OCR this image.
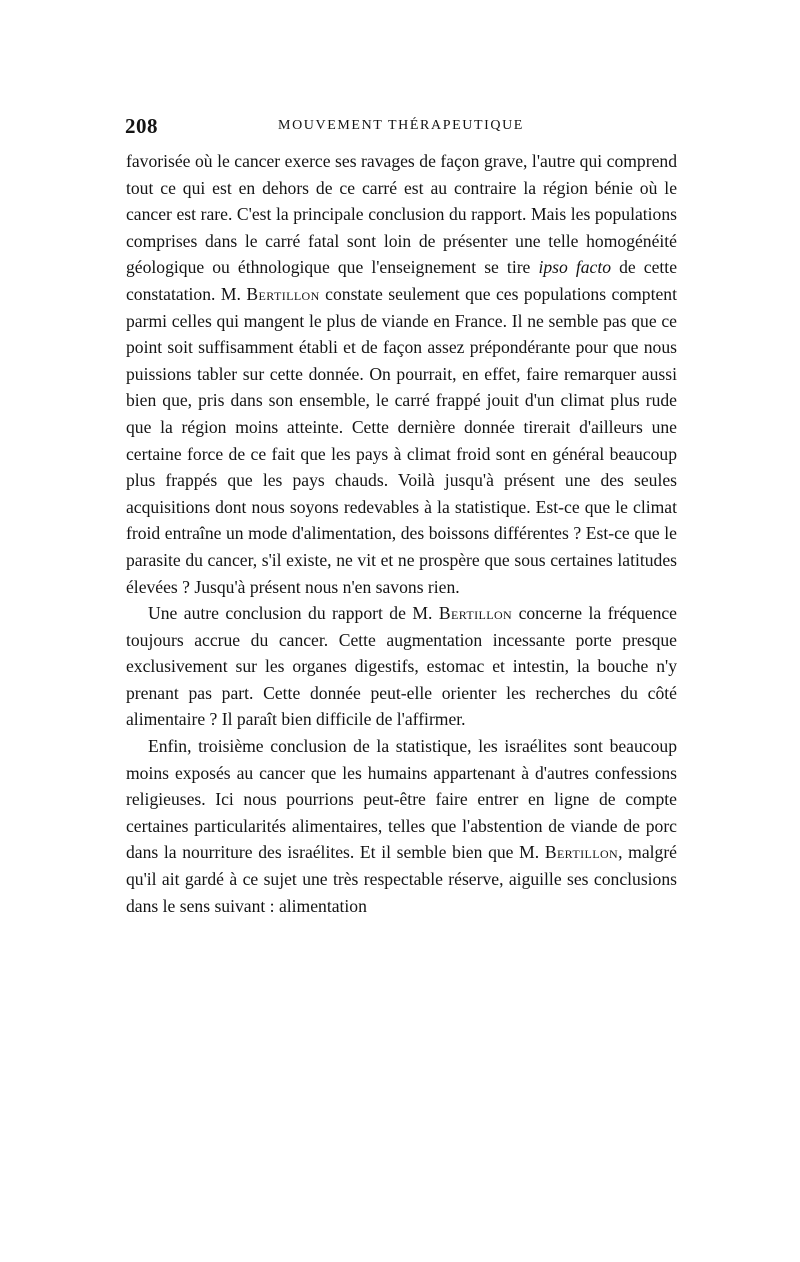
208	MOUVEMENT THÉRAPEUTIQUE

favorisée où le cancer exerce ses ravages de façon grave, l'autre qui comprend tout ce qui est en dehors de ce carré est au contraire la région bénie où le cancer est rare. C'est la principale conclusion du rapport. Mais les populations comprises dans le carré fatal sont loin de présenter une telle homogénéité géologique ou éthnologique que l'enseignement se tire ipso facto de cette constatation. M. Bertillon constate seulement que ces populations comptent parmi celles qui mangent le plus de viande en France. Il ne semble pas que ce point soit suffisamment établi et de façon assez prépondérante pour que nous puissions tabler sur cette donnée. On pourrait, en effet, faire remarquer aussi bien que, pris dans son ensemble, le carré frappé jouit d'un climat plus rude que la région moins atteinte. Cette dernière donnée tirerait d'ailleurs une certaine force de ce fait que les pays à climat froid sont en général beaucoup plus frappés que les pays chauds. Voilà jusqu'à présent une des seules acquisitions dont nous soyons redevables à la statistique. Est-ce que le climat froid entraîne un mode d'alimentation, des boissons différentes ? Est-ce que le parasite du cancer, s'il existe, ne vit et ne prospère que sous certaines latitudes élevées ? Jusqu'à présent nous n'en savons rien.

Une autre conclusion du rapport de M. Bertillon concerne la fréquence toujours accrue du cancer. Cette augmentation incessante porte presque exclusivement sur les organes digestifs, estomac et intestin, la bouche n'y prenant pas part. Cette donnée peut-elle orienter les recherches du côté alimentaire ? Il paraît bien difficile de l'affirmer.

Enfin, troisième conclusion de la statistique, les israélites sont beaucoup moins exposés au cancer que les humains appartenant à d'autres confessions religieuses. Ici nous pourrions peut-être faire entrer en ligne de compte certaines particularités alimentaires, telles que l'abstention de viande de porc dans la nourriture des israélites. Et il semble bien que M. Bertillon, malgré qu'il ait gardé à ce sujet une très respectable réserve, aiguille ses conclusions dans le sens suivant : alimentation
